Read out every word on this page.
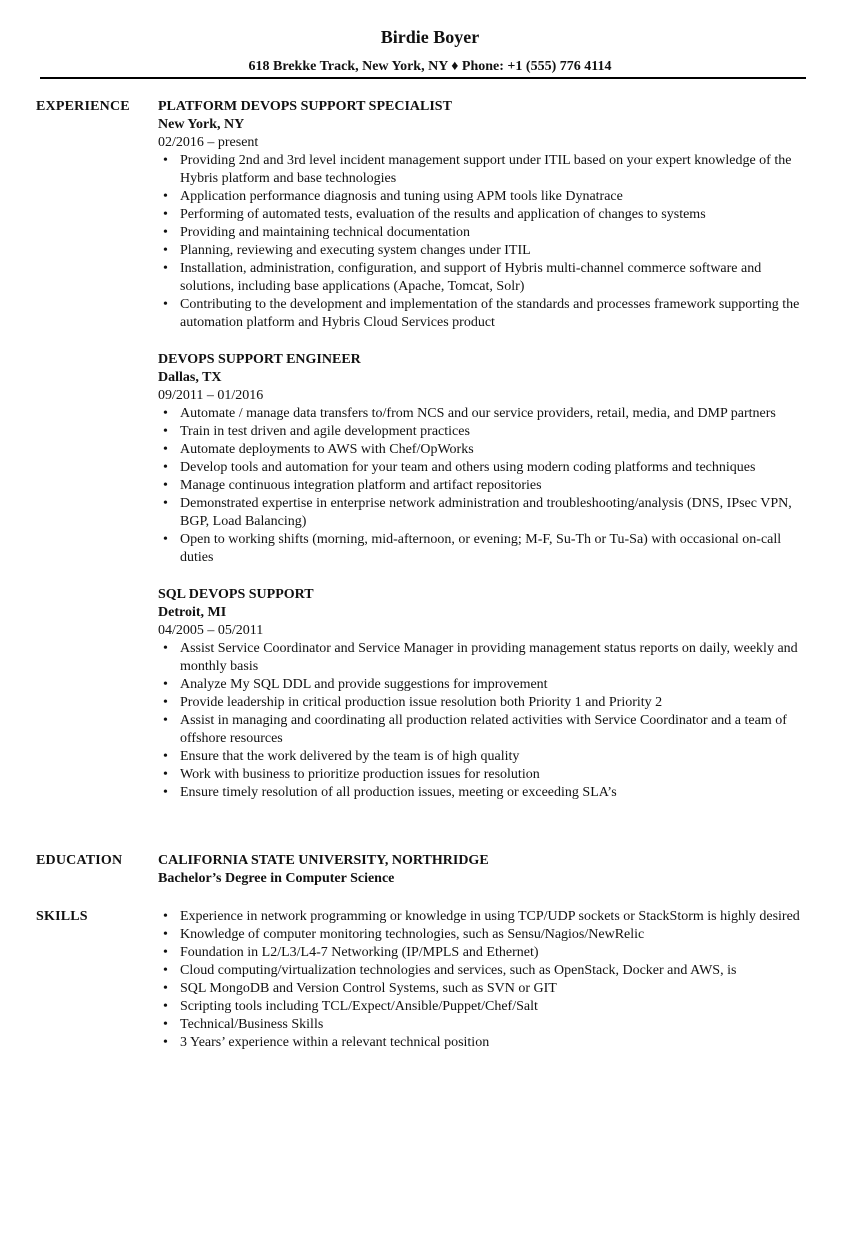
Birdie Boyer
618 Brekke Track, New York, NY ♦ Phone: +1 (555) 776 4114
EXPERIENCE PLATFORM DEVOPS SUPPORT SPECIALIST
New York, NY
02/2016 – present
• Providing 2nd and 3rd level incident management support under ITIL based on your expert knowledge of the Hybris platform and base technologies
• Application performance diagnosis and tuning using APM tools like Dynatrace
• Performing of automated tests, evaluation of the results and application of changes to systems
• Providing and maintaining technical documentation
• Planning, reviewing and executing system changes under ITIL
• Installation, administration, configuration, and support of Hybris multi-channel commerce software and solutions, including base applications (Apache, Tomcat, Solr)
• Contributing to the development and implementation of the standards and processes framework supporting the automation platform and Hybris Cloud Services product
DEVOPS SUPPORT ENGINEER
Dallas, TX
09/2011 – 01/2016
• Automate / manage data transfers to/from NCS and our service providers, retail, media, and DMP partners
• Train in test driven and agile development practices
• Automate deployments to AWS with Chef/OpWorks
• Develop tools and automation for your team and others using modern coding platforms and techniques
• Manage continuous integration platform and artifact repositories
• Demonstrated expertise in enterprise network administration and troubleshooting/analysis (DNS, IPsec VPN, BGP, Load Balancing)
• Open to working shifts (morning, mid-afternoon, or evening; M-F, Su-Th or Tu-Sa) with occasional on-call duties
SQL DEVOPS SUPPORT
Detroit, MI
04/2005 – 05/2011
• Assist Service Coordinator and Service Manager in providing management status reports on daily, weekly and monthly basis
• Analyze My SQL DDL and provide suggestions for improvement
• Provide leadership in critical production issue resolution both Priority 1 and Priority 2
• Assist in managing and coordinating all production related activities with Service Coordinator and a team of offshore resources
• Ensure that the work delivered by the team is of high quality
• Work with business to prioritize production issues for resolution
• Ensure timely resolution of all production issues, meeting or exceeding SLA’s
EDUCATION	CALIFORNIA STATE UNIVERSITY, NORTHRIDGE
Bachelor’s Degree in Computer Science
SKILLS
•	Experience in network programming or knowledge in using TCP/UDP sockets or StackStorm is highly desired
• Knowledge of computer monitoring technologies, such as Sensu/Nagios/NewRelic
• Foundation in L2/L3/L4-7 Networking (IP/MPLS and Ethernet)
• Cloud computing/virtualization technologies and services, such as OpenStack, Docker and AWS, is
• SQL MongoDB and Version Control Systems, such as SVN or GIT
• Scripting tools including TCL/Expect/Ansible/Puppet/Chef/Salt
• Technical/Business Skills
• 3 Years’ experience within a relevant technical position
